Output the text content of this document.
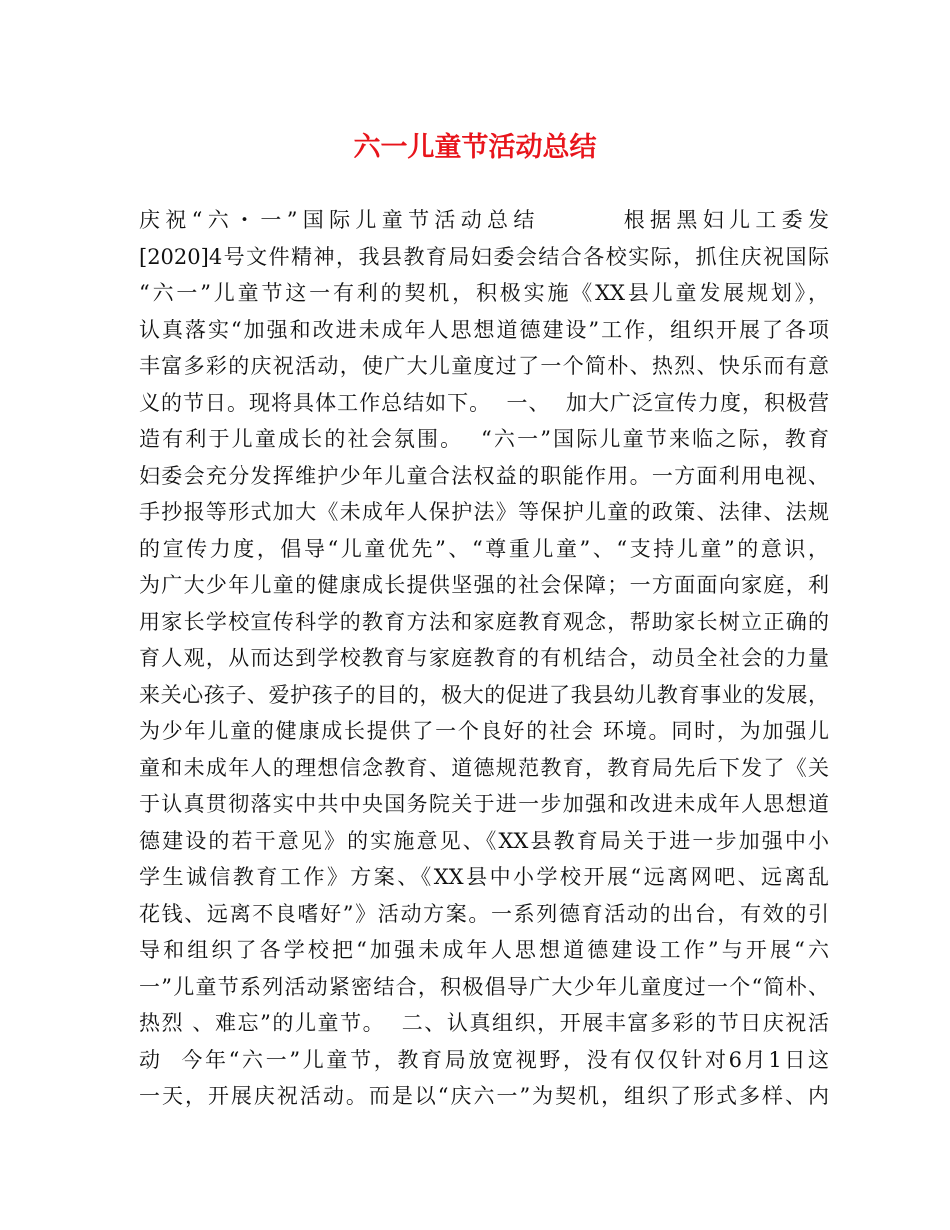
六一儿童节活动总结
庆祝“六・一”国际儿童节活动总结       根据黑妇儿工委发
[2020]4号文件精神，我县教育局妇委会结合各校实际，抓住庆祝国际
“六一”儿童节这一有利的契机，积极实施《XX县儿童发展规划》，
认真落实“加强和改进未成年人思想道德建设”工作，组织开展了各项
丰富多彩的庆祝活动，使广大儿童度过了一个简朴、热烈、快乐而有意
义的节日。现将具体工作总结如下。  一、  加大广泛宣传力度，积极营
造有利于儿童成长的社会氛围。  “六一”国际儿童节来临之际，教育
妇委会充分发挥维护少年儿童合法权益的职能作用。一方面利用电视、
手抄报等形式加大《未成年人保护法》等保护儿童的政策、法律、法规
的宣传力度，倡导“儿童优先”、“尊重儿童”、“支持儿童”的意识，
为广大少年儿童的健康成长提供坚强的社会保障；一方面面向家庭，利
用家长学校宣传科学的教育方法和家庭教育观念，帮助家长树立正确的
育人观，从而达到学校教育与家庭教育的有机结合，动员全社会的力量
来关心孩子、爱护孩子的目的，极大的促进了我县幼儿教育事业的发展，
为少年儿童的健康成长提供了一个良好的社会 环境。同时，为加强儿
童和未成年人的理想信念教育、道德规范教育，教育局先后下发了《关
于认真贯彻落实中共中央国务院关于进一步加强和改进未成年人思想道
德建设的若干意见》的实施意见、《XX县教育局关于进一步加强中小
学生诚信教育工作》方案、《XX县中小学校开展“远离网吧、远离乱
花钱、远离不良嗜好”》活动方案。一系列德育活动的出台，有效的引
导和组织了各学校把“加强未成年人思想道德建设工作”与开展“六
一”儿童节系列活动紧密结合，积极倡导广大少年儿童度过一个“简朴、
热烈 、难忘”的儿童节。  二、认真组织，开展丰富多彩的节日庆祝活
动  今年“六一”儿童节，教育局放宽视野，没有仅仅针对6月1日这
一天，开展庆祝活动。而是以“庆六一”为契机，组织了形式多样、内
